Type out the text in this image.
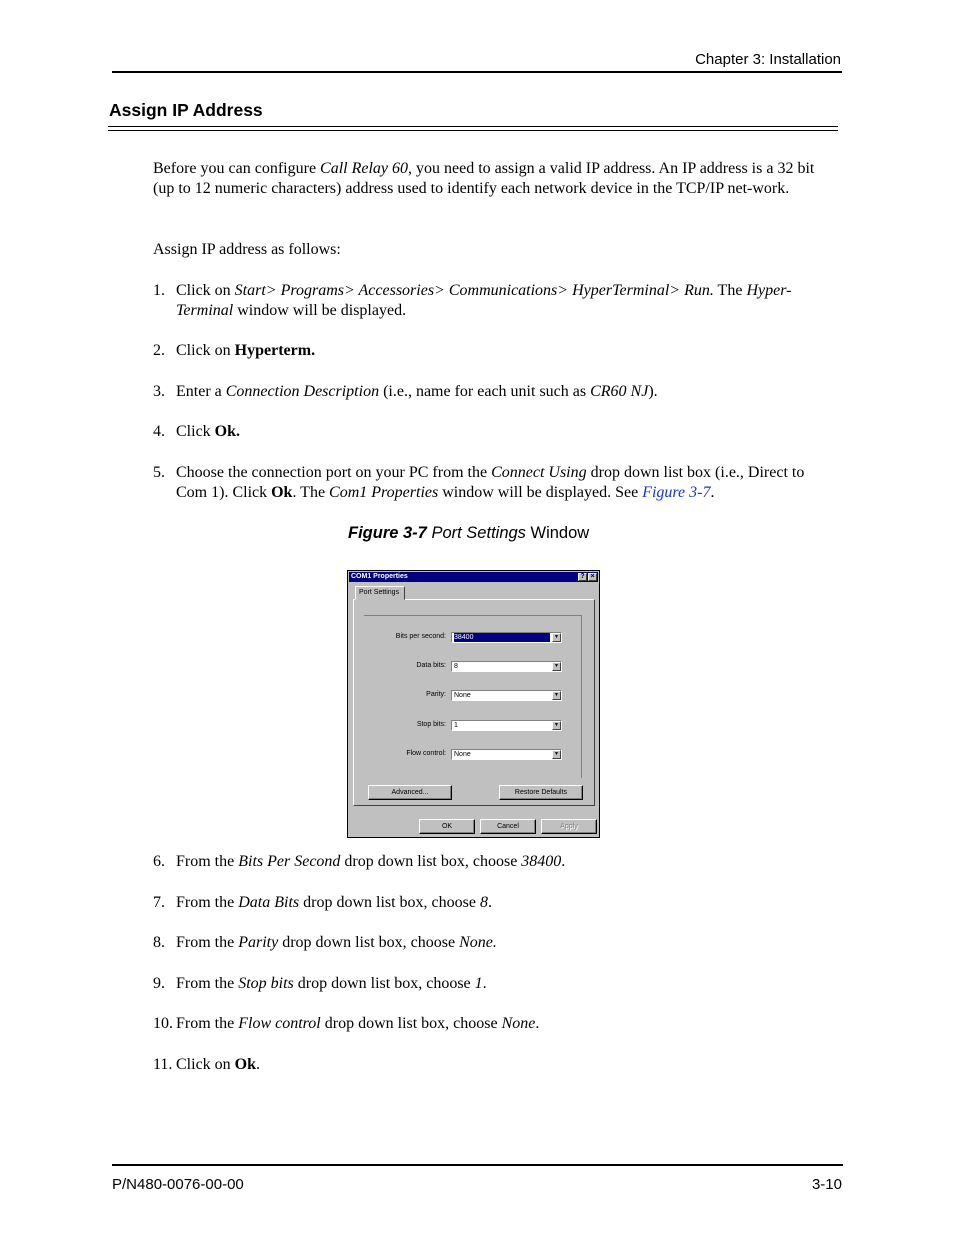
Chapter 3: Installation
Assign IP Address
Before you can configure Call Relay 60, you need to assign a valid IP address. An IP address is a 32 bit (up to 12 numeric characters) address used to identify each network device in the TCP/IP net-work.
Assign IP address as follows:
1. Click on Start> Programs> Accessories> Communications> HyperTerminal> Run. The Hyper-Terminal window will be displayed.
2. Click on Hyperterm.
3. Enter a Connection Description (i.e., name for each unit such as CR60 NJ).
4. Click Ok.
5. Choose the connection port on your PC from the Connect Using drop down list box (i.e., Direct to Com 1). Click Ok. The Com1 Properties window will be displayed. See Figure 3-7.
Figure 3-7 Port Settings Window
COM1 Properties	? ×
Port Settings
Bits per second:	38400	▼
Data bits:	8	▼
Parity:	None	▼
Stop bits:	1	▼
Flow control:	None	▼
Advanced...	Restore Defaults
OK	Cancel	Apply
6. From the Bits Per Second drop down list box, choose 38400.
7. From the Data Bits drop down list box, choose 8.
8. From the Parity drop down list box, choose None.
9. From the Stop bits drop down list box, choose 1.
10. From the Flow control drop down list box, choose None.
11. Click on Ok.
P/N480-0076-00-00	3-10
